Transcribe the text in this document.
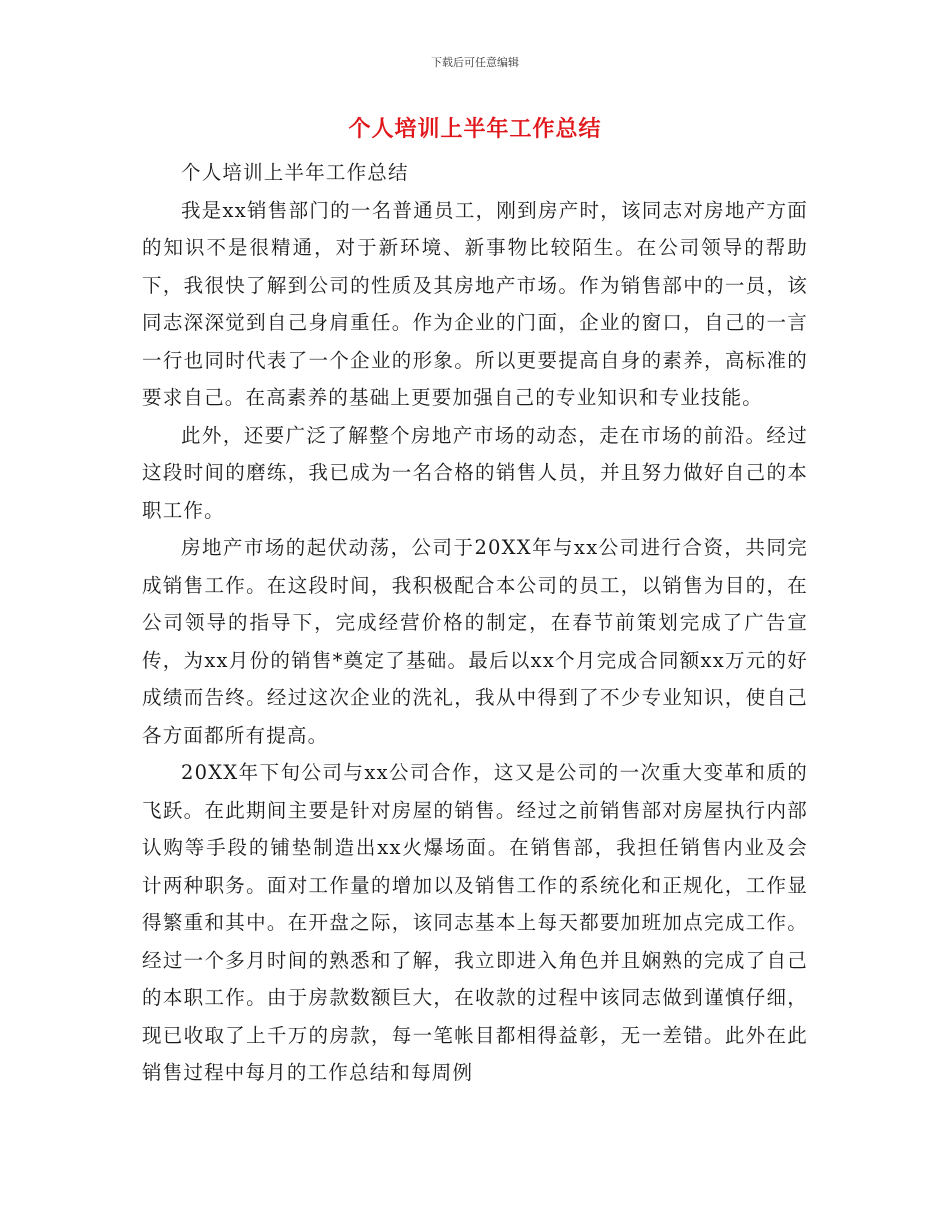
下载后可任意编辑
个人培训上半年工作总结

个人培训上半年工作总结

我是xx销售部门的一名普通员工，刚到房产时，该同志对房地产方面的知识不是很精通，对于新环境、新事物比较陌生。在公司领导的帮助下，我很快了解到公司的性质及其房地产市场。作为销售部中的一员，该同志深深觉到自己身肩重任。作为企业的门面，企业的窗口，自己的一言一行也同时代表了一个企业的形象。所以更要提高自身的素养，高标准的要求自己。在高素养的基础上更要加强自己的专业知识和专业技能。

此外，还要广泛了解整个房地产市场的动态，走在市场的前沿。经过这段时间的磨练，我已成为一名合格的销售人员，并且努力做好自己的本职工作。

房地产市场的起伏动荡，公司于20XX年与xx公司进行合资，共同完成销售工作。在这段时间，我积极配合本公司的员工，以销售为目的，在公司领导的指导下，完成经营价格的制定，在春节前策划完成了广告宣传，为xx月份的销售*奠定了基础。最后以xx个月完成合同额xx万元的好成绩而告终。经过这次企业的洗礼，我从中得到了不少专业知识，使自己各方面都所有提高。

20XX年下旬公司与xx公司合作，这又是公司的一次重大变革和质的飞跃。在此期间主要是针对房屋的销售。经过之前销售部对房屋执行内部认购等手段的铺垫制造出xx火爆场面。在销售部，我担任销售内业及会计两种职务。面对工作量的增加以及销售工作的系统化和正规化，工作显得繁重和其中。在开盘之际，该同志基本上每天都要加班加点完成工作。经过一个多月时间的熟悉和了解，我立即进入角色并且娴熟的完成了自己的本职工作。由于房款数额巨大，在收款的过程中该同志做到谨慎仔细，现已收取了上千万的房款，每一笔帐目都相得益彰，无一差错。此外在此销售过程中每月的工作总结和每周例
